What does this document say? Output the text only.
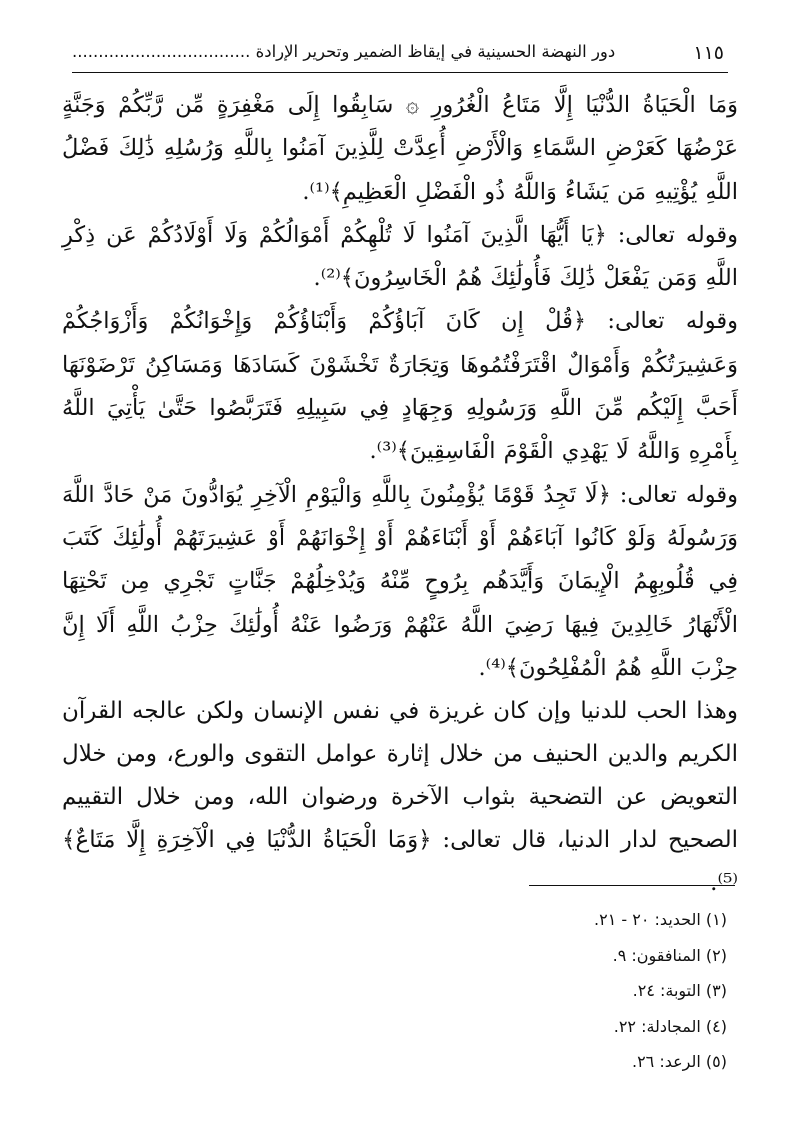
١١٥
دور النهضة الحسينية في إيقاظ الضمير وتحرير الإرادة ..................................

وَمَا الْحَيَاةُ الدُّنْيَا إِلَّا مَتَاعُ الْغُرُورِ ۞ سَابِقُوا إِلَى مَغْفِرَةٍ مِّن رَّبِّكُمْ وَجَنَّةٍ عَرْضُهَا كَعَرْضِ السَّمَاءِ وَالْأَرْضِ أُعِدَّتْ لِلَّذِينَ آمَنُوا بِاللَّهِ وَرُسُلِهِ ذَٰلِكَ فَضْلُ اللَّهِ يُؤْتِيهِ مَن يَشَاءُ وَاللَّهُ ذُو الْفَضْلِ الْعَظِيمِ﴾⁽¹⁾.

وقوله تعالى: ﴿يَا أَيُّهَا الَّذِينَ آمَنُوا لَا تُلْهِكُمْ أَمْوَالُكُمْ وَلَا أَوْلَادُكُمْ عَن ذِكْرِ اللَّهِ وَمَن يَفْعَلْ ذَٰلِكَ فَأُولَٰئِكَ هُمُ الْخَاسِرُونَ﴾⁽²⁾.

وقوله تعالى: ﴿قُلْ إِن كَانَ آبَاؤُكُمْ وَأَبْنَاؤُكُمْ وَإِخْوَانُكُمْ وَأَزْوَاجُكُمْ وَعَشِيرَتُكُمْ وَأَمْوَالٌ اقْتَرَفْتُمُوهَا وَتِجَارَةٌ تَخْشَوْنَ كَسَادَهَا وَمَسَاكِنُ تَرْضَوْنَهَا أَحَبَّ إِلَيْكُم مِّنَ اللَّهِ وَرَسُولِهِ وَجِهَادٍ فِي سَبِيلِهِ فَتَرَبَّصُوا حَتَّىٰ يَأْتِيَ اللَّهُ بِأَمْرِهِ وَاللَّهُ لَا يَهْدِي الْقَوْمَ الْفَاسِقِينَ﴾⁽³⁾.

وقوله تعالى: ﴿لَا تَجِدُ قَوْمًا يُؤْمِنُونَ بِاللَّهِ وَالْيَوْمِ الْآخِرِ يُوَادُّونَ مَنْ حَادَّ اللَّهَ وَرَسُولَهُ وَلَوْ كَانُوا آبَاءَهُمْ أَوْ أَبْنَاءَهُمْ أَوْ إِخْوَانَهُمْ أَوْ عَشِيرَتَهُمْ أُولَٰئِكَ كَتَبَ فِي قُلُوبِهِمُ الْإِيمَانَ وَأَيَّدَهُم بِرُوحٍ مِّنْهُ وَيُدْخِلُهُمْ جَنَّاتٍ تَجْرِي مِن تَحْتِهَا الْأَنْهَارُ خَالِدِينَ فِيهَا رَضِيَ اللَّهُ عَنْهُمْ وَرَضُوا عَنْهُ أُولَٰئِكَ حِزْبُ اللَّهِ أَلَا إِنَّ حِزْبَ اللَّهِ هُمُ الْمُفْلِحُونَ﴾⁽⁴⁾.

وهذا الحب للدنيا وإن كان غريزة في نفس الإنسان ولكن عالجه القرآن الكريم والدين الحنيف من خلال إثارة عوامل التقوى والورع، ومن خلال التعويض عن التضحية بثواب الآخرة ورضوان الله، ومن خلال التقييم الصحيح لدار الدنيا، قال تعالى: ﴿وَمَا الْحَيَاةُ الدُّنْيَا فِي الْآخِرَةِ إِلَّا مَتَاعٌ﴾⁽⁵⁾.

(١) الحديد: ٢٠ - ٢١.
(٢) المنافقون: ٩.
(٣) التوبة: ٢٤.
(٤) المجادلة: ٢٢.
(٥) الرعد: ٢٦.
